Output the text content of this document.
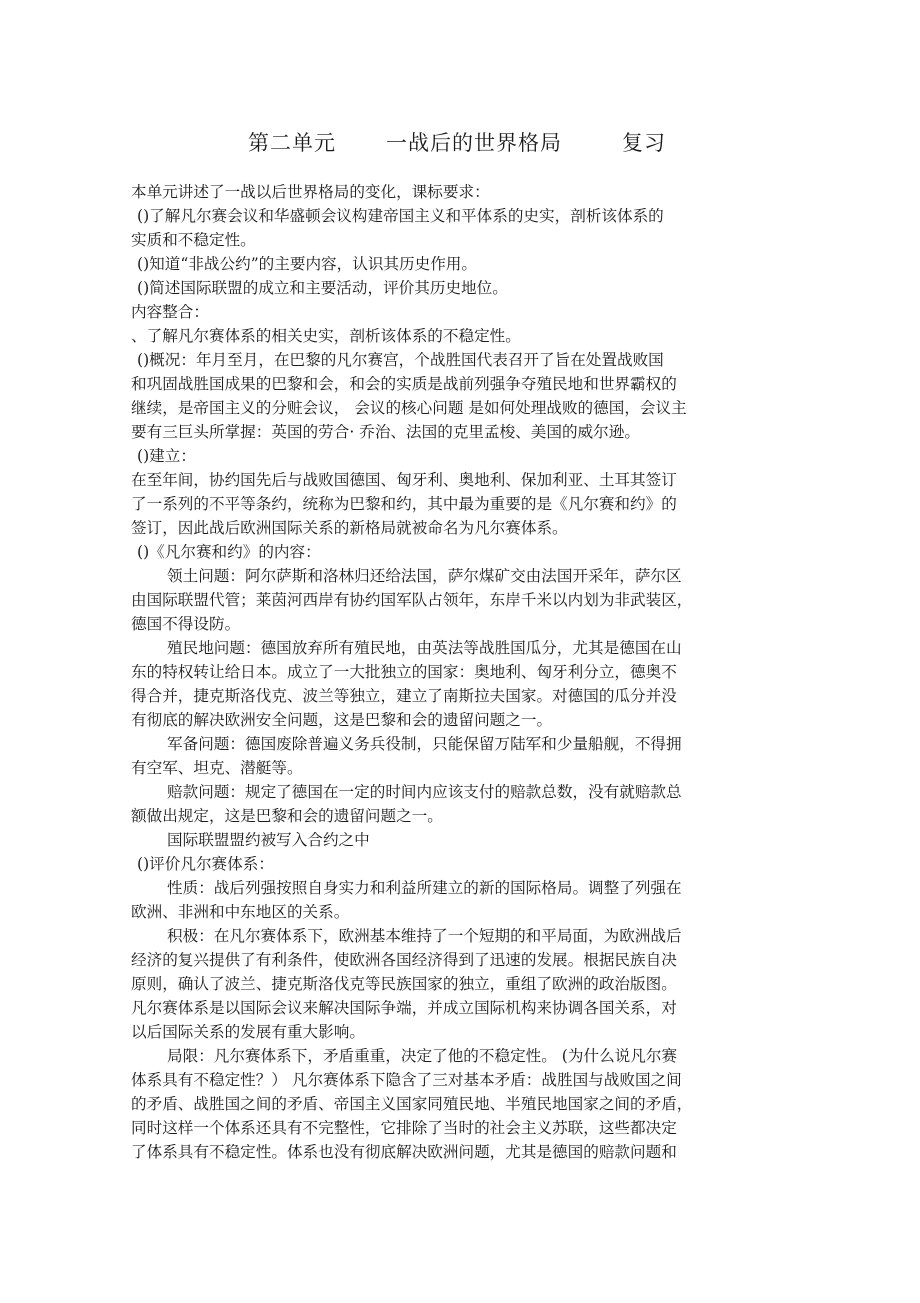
第二单元 一战后的世界格局	复习
本单元讲述了一战以后世界格局的变化，课标要求：
()了解凡尔赛会议和华盛顿会议构建帝国主义和平体系的史实，剖析该体系的
实质和不稳定性。
()知道“非战公约”的主要内容，认识其历史作用。
()简述国际联盟的成立和主要活动，评价其历史地位。
内容整合：
、了解凡尔赛体系的相关史实，剖析该体系的不稳定性。
()概况：年月至月，在巴黎的凡尔赛宫，个战胜国代表召开了旨在处置战败国
和巩固战胜国成果的巴黎和会，和会的实质是战前列强争夺殖民地和世界霸权的
继续，是帝国主义的分赃会议， 会议的核心问题 是如何处理战败的德国，会议主
要有三巨头所掌握：英国的劳合· 乔治、法国的克里孟梭、美国的威尔逊。
()建立：
在至年间，协约国先后与战败国德国、匈牙利、奥地利、保加利亚、土耳其签订
了一系列的不平等条约，统称为巴黎和约，其中最为重要的是《凡尔赛和约》的
签订，因此战后欧洲国际关系的新格局就被命名为凡尔赛体系。
()《凡尔赛和约》的内容：
领土问题：阿尔萨斯和洛林归还给法国，萨尔煤矿交由法国开采年，萨尔区
由国际联盟代管；莱茵河西岸有协约国军队占领年，东岸千米以内划为非武装区，
德国不得设防。
殖民地问题：德国放弃所有殖民地，由英法等战胜国瓜分，尤其是德国在山
东的特权转让给日本。成立了一大批独立的国家：奥地利、匈牙利分立，德奥不
得合并，捷克斯洛伐克、波兰等独立，建立了南斯拉夫国家。对德国的瓜分并没
有彻底的解决欧洲安全问题，这是巴黎和会的遗留问题之一。
军备问题：德国废除普遍义务兵役制，只能保留万陆军和少量船舰，不得拥
有空军、坦克、潜艇等。
赔款问题：规定了德国在一定的时间内应该支付的赔款总数，没有就赔款总
额做出规定，这是巴黎和会的遗留问题之一。
国际联盟盟约被写入合约之中
()评价凡尔赛体系：
性质：战后列强按照自身实力和利益所建立的新的国际格局。调整了列强在
欧洲、非洲和中东地区的关系。
积极：在凡尔赛体系下，欧洲基本维持了一个短期的和平局面，为欧洲战后
经济的复兴提供了有利条件，使欧洲各国经济得到了迅速的发展。根据民族自决
原则，确认了波兰、捷克斯洛伐克等民族国家的独立，重组了欧洲的政治版图。
凡尔赛体系是以国际会议来解决国际争端，并成立国际机构来协调各国关系，对
以后国际关系的发展有重大影响。
局限：凡尔赛体系下，矛盾重重，决定了他的不稳定性。 (为什么说凡尔赛
体系具有不稳定性？） 凡尔赛体系下隐含了三对基本矛盾：战胜国与战败国之间
的矛盾、战胜国之间的矛盾、帝国主义国家同殖民地、半殖民地国家之间的矛盾，
同时这样一个体系还具有不完整性，它排除了当时的社会主义苏联，这些都决定
了体系具有不稳定性。体系也没有彻底解决欧洲问题，尤其是德国的赔款问题和
